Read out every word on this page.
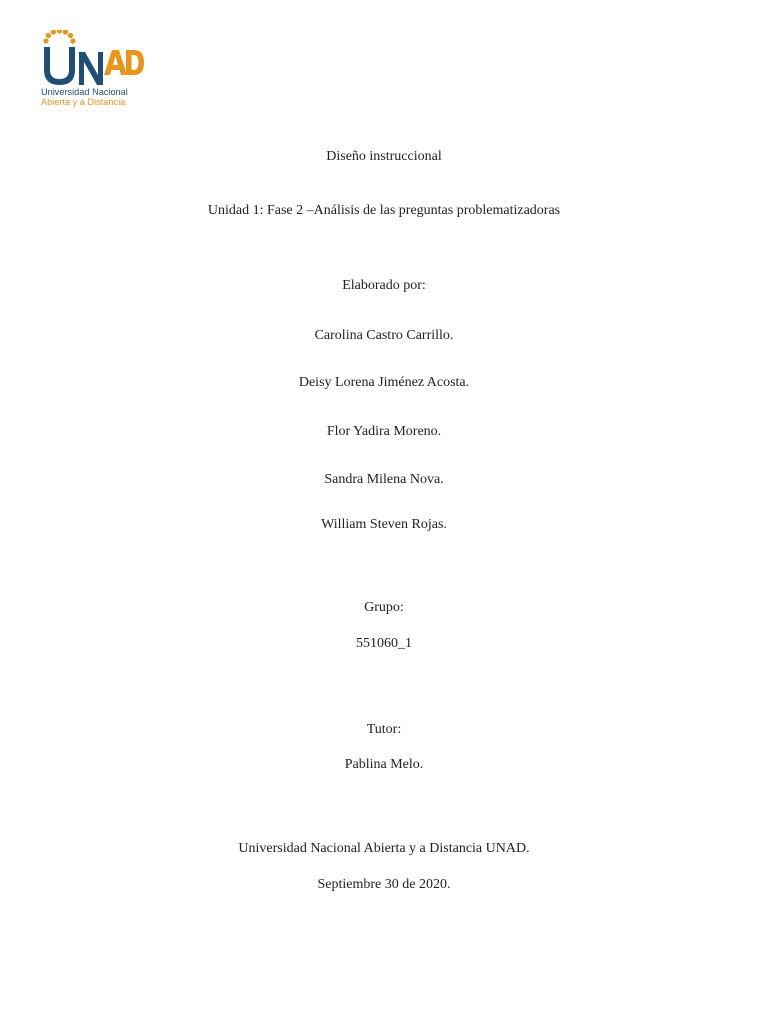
Universidad Nacional
Abierta y a Distancia
Diseño instruccional
Unidad 1: Fase 2 –Análisis de las preguntas problematizadoras
Elaborado por:
Carolina Castro Carrillo.
Deisy Lorena Jiménez Acosta.
Flor Yadira Moreno.
Sandra Milena Nova.
William Steven Rojas.
Grupo:
551060_1
Tutor:
Pablina Melo.
Universidad Nacional Abierta y a Distancia UNAD.
Septiembre 30 de 2020.
